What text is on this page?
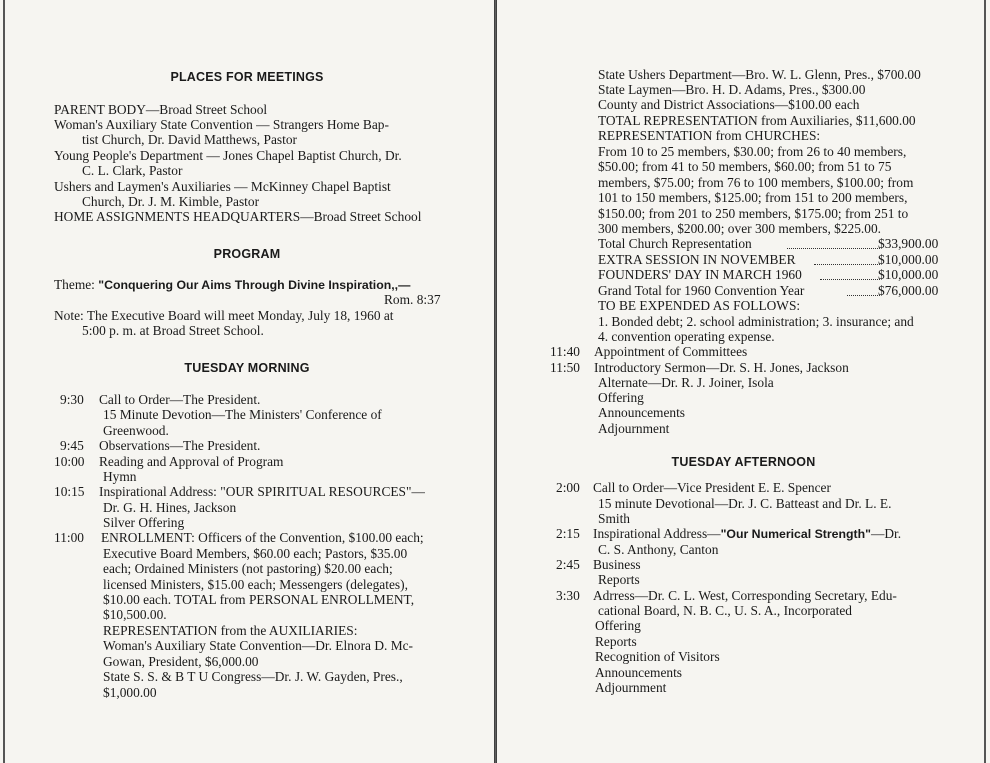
PLACES FOR MEETINGS
PARENT BODY—Broad Street School
Woman's Auxiliary State Convention — Strangers Home Bap-
tist Church, Dr. David Matthews, Pastor
Young People's Department — Jones Chapel Baptist Church, Dr.
C. L. Clark, Pastor
Ushers and Laymen's Auxiliaries — McKinney Chapel Baptist
Church, Dr. J. M. Kimble, Pastor
HOME ASSIGNMENTS HEADQUARTERS—Broad Street School
PROGRAM
Theme: "Conquering Our Aims Through Divine Inspiration,,—
Rom. 8:37
Note: The Executive Board will meet Monday, July 18, 1960 at
5:00 p. m. at Broad Street School.
TUESDAY MORNING
9:30 Call to Order—The President.
15 Minute Devotion—The Ministers' Conference of
Greenwood.
9:45 Observations—The President.
10:00 Reading and Approval of Program
Hymn
10:15 Inspirational Address: "OUR SPIRITUAL RESOURCES"—
Dr. G. H. Hines, Jackson
Silver Offering
11:00 ENROLLMENT: Officers of the Convention, $100.00 each;
Executive Board Members, $60.00 each; Pastors, $35.00
each; Ordained Ministers (not pastoring) $20.00 each;
licensed Ministers, $15.00 each; Messengers (delegates),
$10.00 each. TOTAL from PERSONAL ENROLLMENT,
$10,500.00.
REPRESENTATION from the AUXILIARIES:
Woman's Auxiliary State Convention—Dr. Elnora D. Mc-
Gowan, President, $6,000.00
State S. S. & B T U Congress—Dr. J. W. Gayden, Pres.,
$1,000.00
State Ushers Department—Bro. W. L. Glenn, Pres., $700.00
State Laymen—Bro. H. D. Adams, Pres., $300.00
County and District Associations—$100.00 each
TOTAL REPRESENTATION from Auxiliaries, $11,600.00
REPRESENTATION from CHURCHES:
From 10 to 25 members, $30.00; from 26 to 40 members,
$50.00; from 41 to 50 members, $60.00; from 51 to 75
members, $75.00; from 76 to 100 members, $100.00; from
101 to 150 members, $125.00; from 151 to 200 members,
$150.00; from 201 to 250 members, $175.00; from 251 to
300 members, $200.00; over 300 members, $225.00.
Total Church Representation	$33,900.00
EXTRA SESSION IN NOVEMBER	$10,000.00
FOUNDERS' DAY IN MARCH 1960	$10,000.00
Grand Total for 1960 Convention Year	$76,000.00
TO BE EXPENDED AS FOLLOWS:
1. Bonded debt; 2. school administration; 3. insurance; and
4. convention operating expense.
11:40 Appointment of Committees
11:50 Introductory Sermon—Dr. S. H. Jones, Jackson
Alternate—Dr. R. J. Joiner, Isola
Offering
Announcements
Adjournment
TUESDAY AFTERNOON
2:00 Call to Order—Vice President E. E. Spencer
15 minute Devotional—Dr. J. C. Batteast and Dr. L. E.
Smith
2:15 Inspirational Address—"Our Numerical Strength"—Dr.
C. S. Anthony, Canton
2:45 Business
Reports
3:30 Adrress—Dr. C. L. West, Corresponding Secretary, Edu-
cational Board, N. B. C., U. S. A., Incorporated
Offering
Reports
Recognition of Visitors
Announcements
Adjournment
